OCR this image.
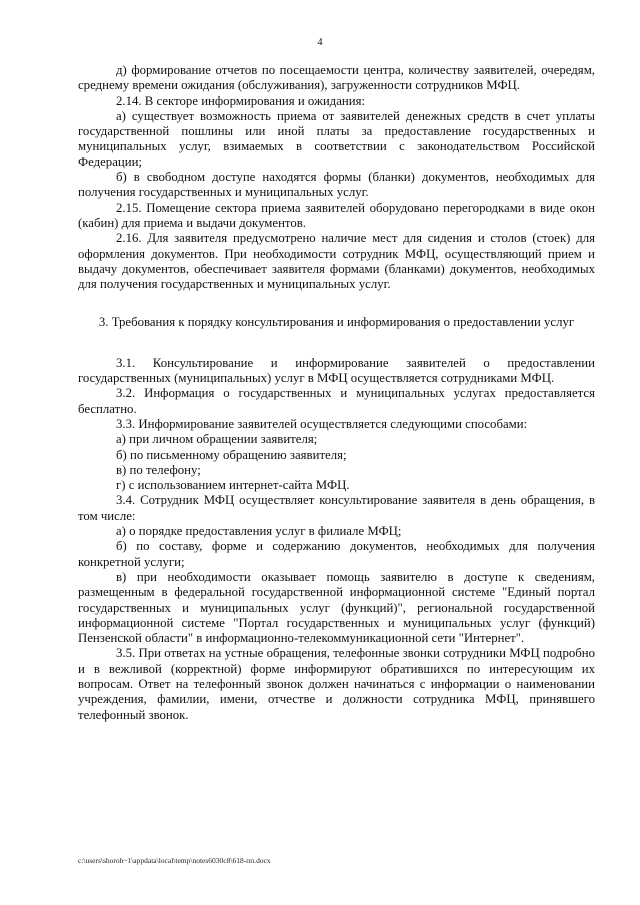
4

д) формирование отчетов по посещаемости центра, количеству заявителей, очередям, среднему времени ожидания (обслуживания), загруженности сотрудников МФЦ.

2.14. В секторе информирования и ожидания:

а) существует возможность приема от заявителей денежных средств в счет уплаты государственной пошлины или иной платы за предоставление государственных и муниципальных услуг, взимаемых в соответствии с законодательством Российской Федерации;

б) в свободном доступе находятся формы (бланки) документов, необходимых для получения государственных и муниципальных услуг.

2.15. Помещение сектора приема заявителей оборудовано перегородками в виде окон (кабин) для приема и выдачи документов.

2.16. Для заявителя предусмотрено наличие мест для сидения и столов (стоек) для оформления документов. При необходимости сотрудник МФЦ, осуществляющий прием и выдачу документов, обеспечивает заявителя формами (бланками) документов, необходимых для получения государственных и муниципальных услуг.

3. Требования к порядку консультирования и информирования о предоставлении услуг

3.1. Консультирование и информирование заявителей о предоставлении государственных (муниципальных) услуг в МФЦ осуществляется сотрудниками МФЦ.

3.2. Информация о государственных и муниципальных услугах предоставляется бесплатно.

3.3. Информирование заявителей осуществляется следующими способами:

а) при личном обращении заявителя;

б) по письменному обращению заявителя;

в) по телефону;

г) с использованием интернет-сайта МФЦ.

3.4. Сотрудник МФЦ осуществляет консультирование заявителя в день обращения, в том числе:

а) о порядке предоставления услуг в филиале МФЦ;

б) по составу, форме и содержанию документов, необходимых для получения конкретной услуги;

в) при необходимости оказывает помощь заявителю в доступе к сведениям, размещенным в федеральной государственной информационной системе "Единый портал государственных и муниципальных услуг (функций)", региональной государственной информационной системе "Портал государственных и муниципальных услуг (функций) Пензенской области" в информационно-телекоммуникационной сети "Интернет".

3.5. При ответах на устные обращения, телефонные звонки сотрудники МФЦ подробно и в вежливой (корректной) форме информируют обратившихся по интересующим их вопросам. Ответ на телефонный звонок должен начинаться с информации о наименовании учреждения, фамилии, имени, отчестве и должности сотрудника МФЦ, принявшего телефонный звонок.

c:\users\shoroh~1\appdata\local\temp\notes6030c8\618-пп.docx
